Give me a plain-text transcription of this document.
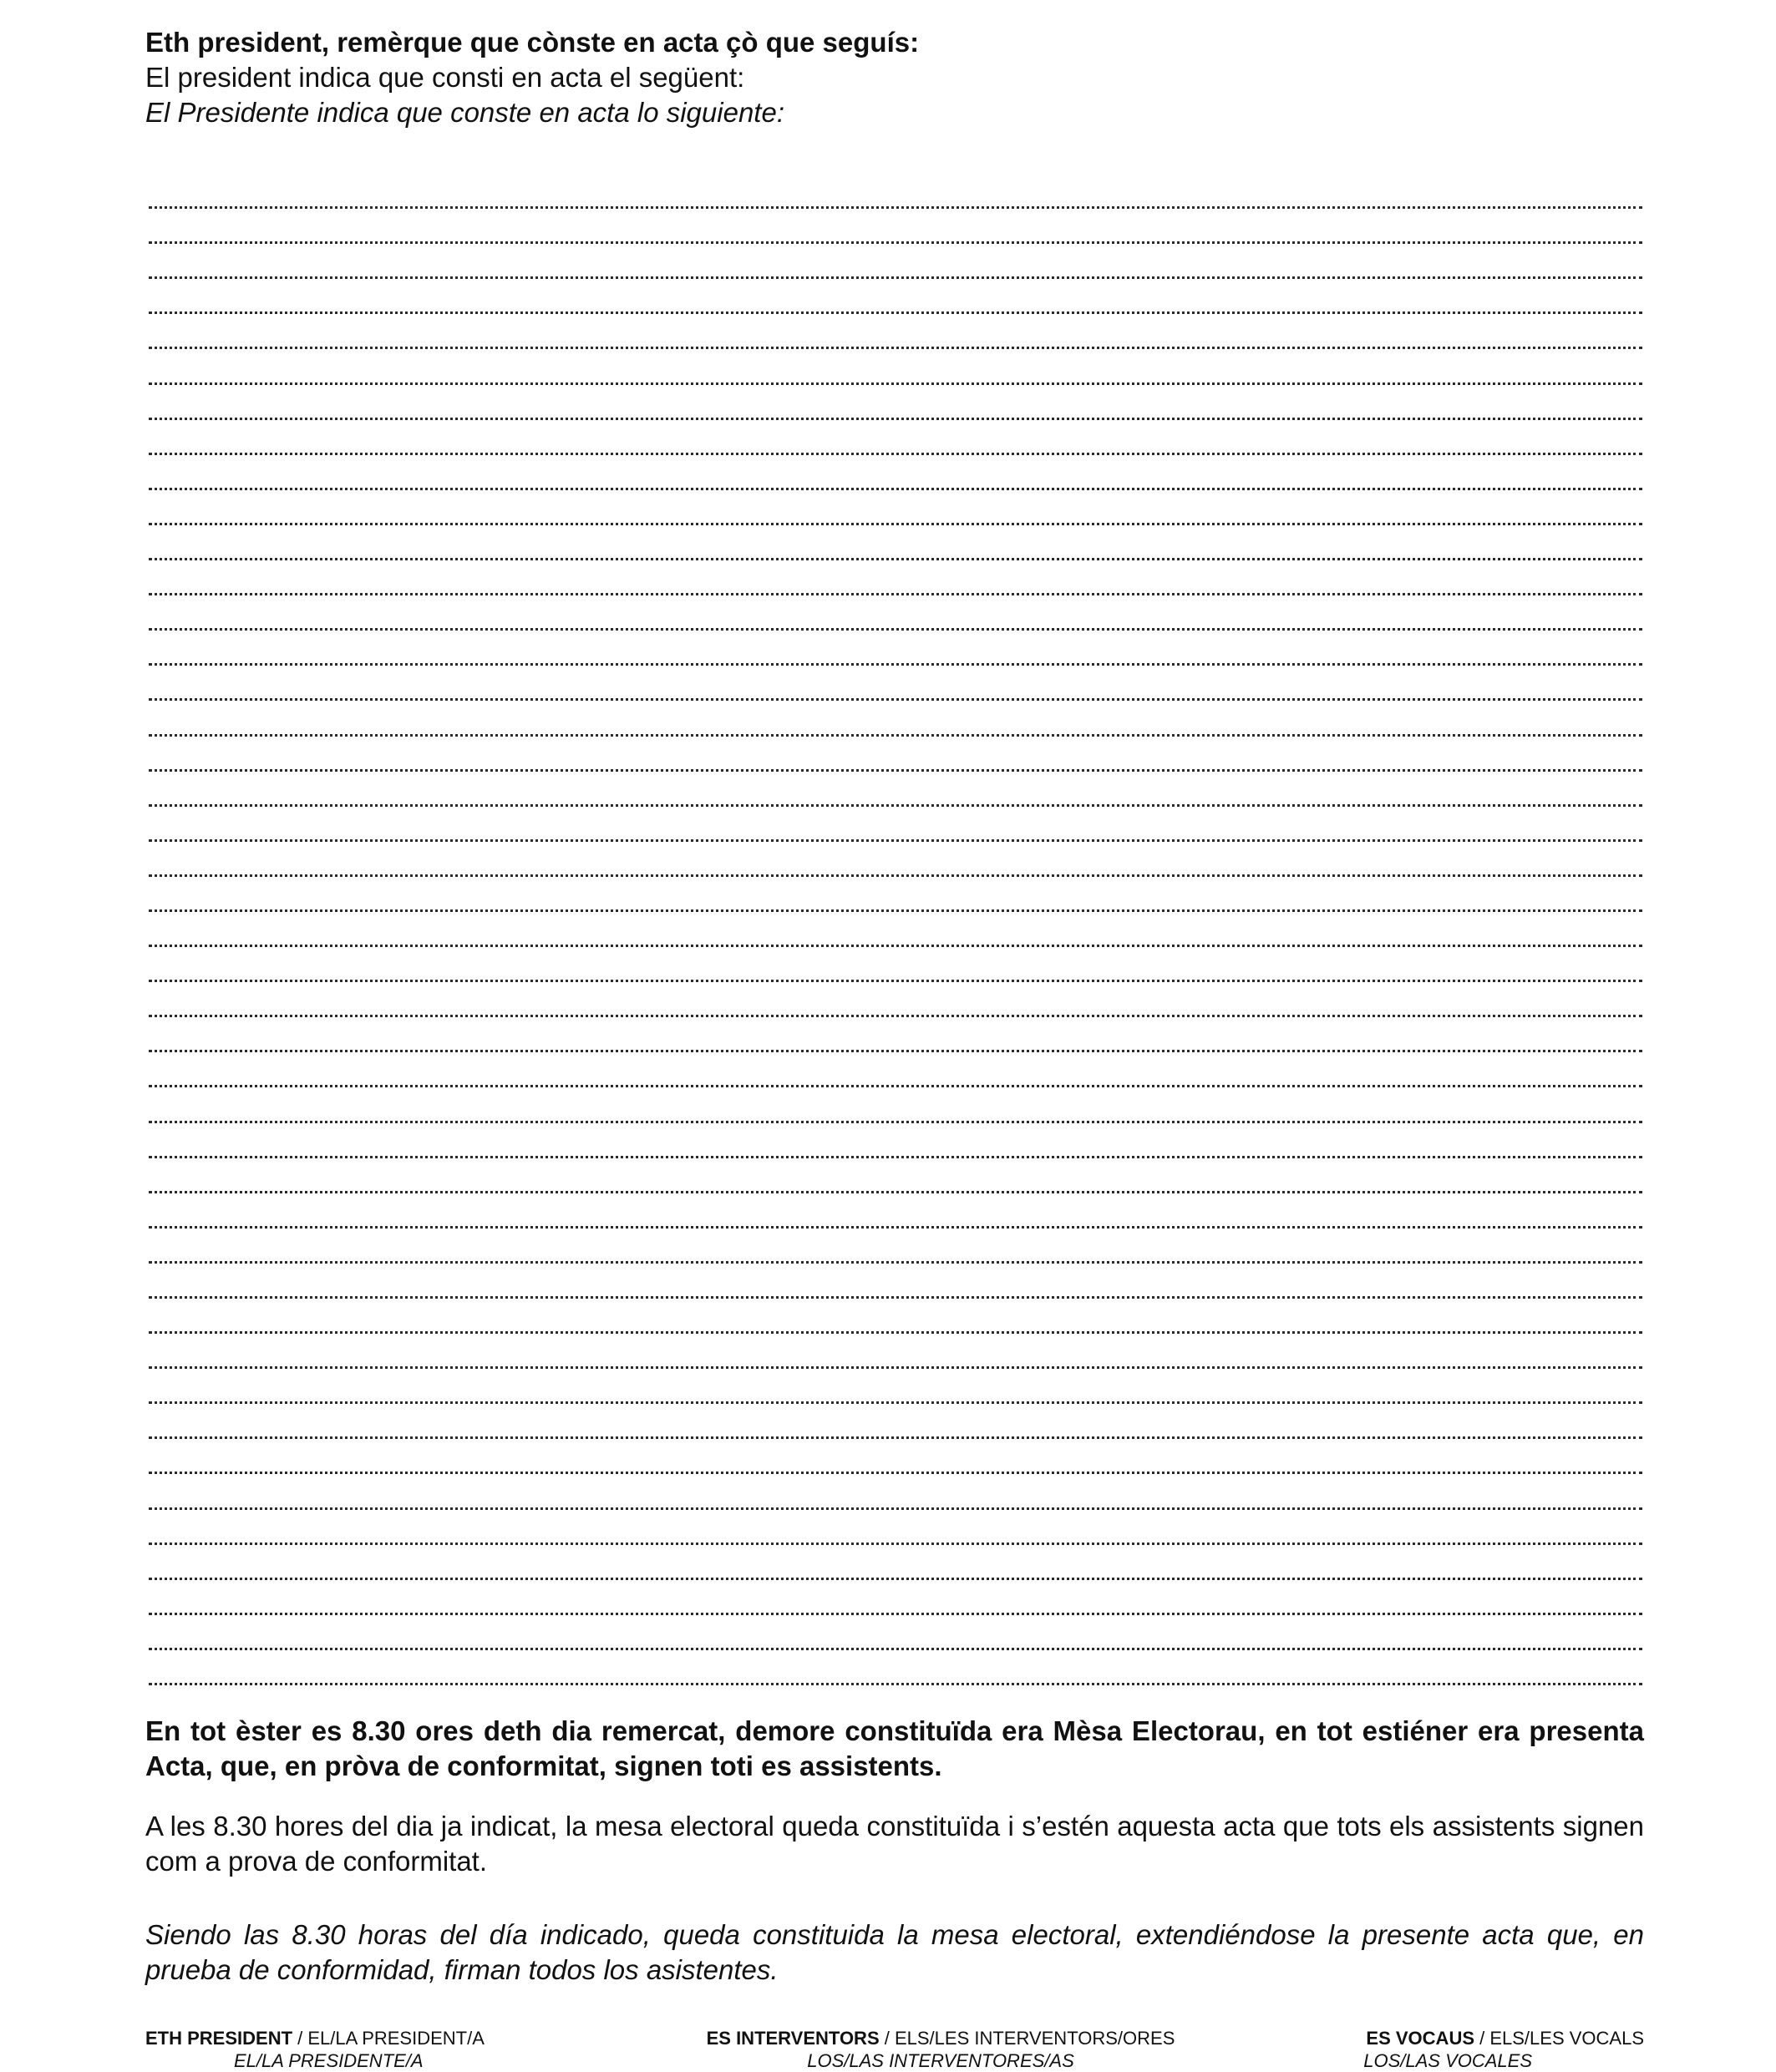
Eth president, remèrque que cònste en acta çò que seguís:
El president indica que consti en acta el següent:
El Presidente indica que conste en acta lo siguiente:
En tot èster es 8.30 ores deth dia remercat, demore constituïda era Mèsa Electorau, en tot estiéner era presenta Acta, que, en pròva de conformitat, signen toti es assistents.
A les 8.30 hores del dia ja indicat, la mesa electoral queda constituïda i s’estén aquesta acta que tots els assistents signen com a prova de conformitat.
Siendo las 8.30 horas del día indicado, queda constituida la mesa electoral, extendiéndose la presente acta que, en prueba de conformidad, firman todos los asistentes.
ETH PRESIDENT / EL/LA PRESIDENT/A
EL/LA PRESIDENTE/A
ES INTERVENTORS / ELS/LES INTERVENTORS/ORES
LOS/LAS INTERVENTORES/AS
ES VOCAUS / ELS/LES VOCALS
LOS/LAS VOCALES
